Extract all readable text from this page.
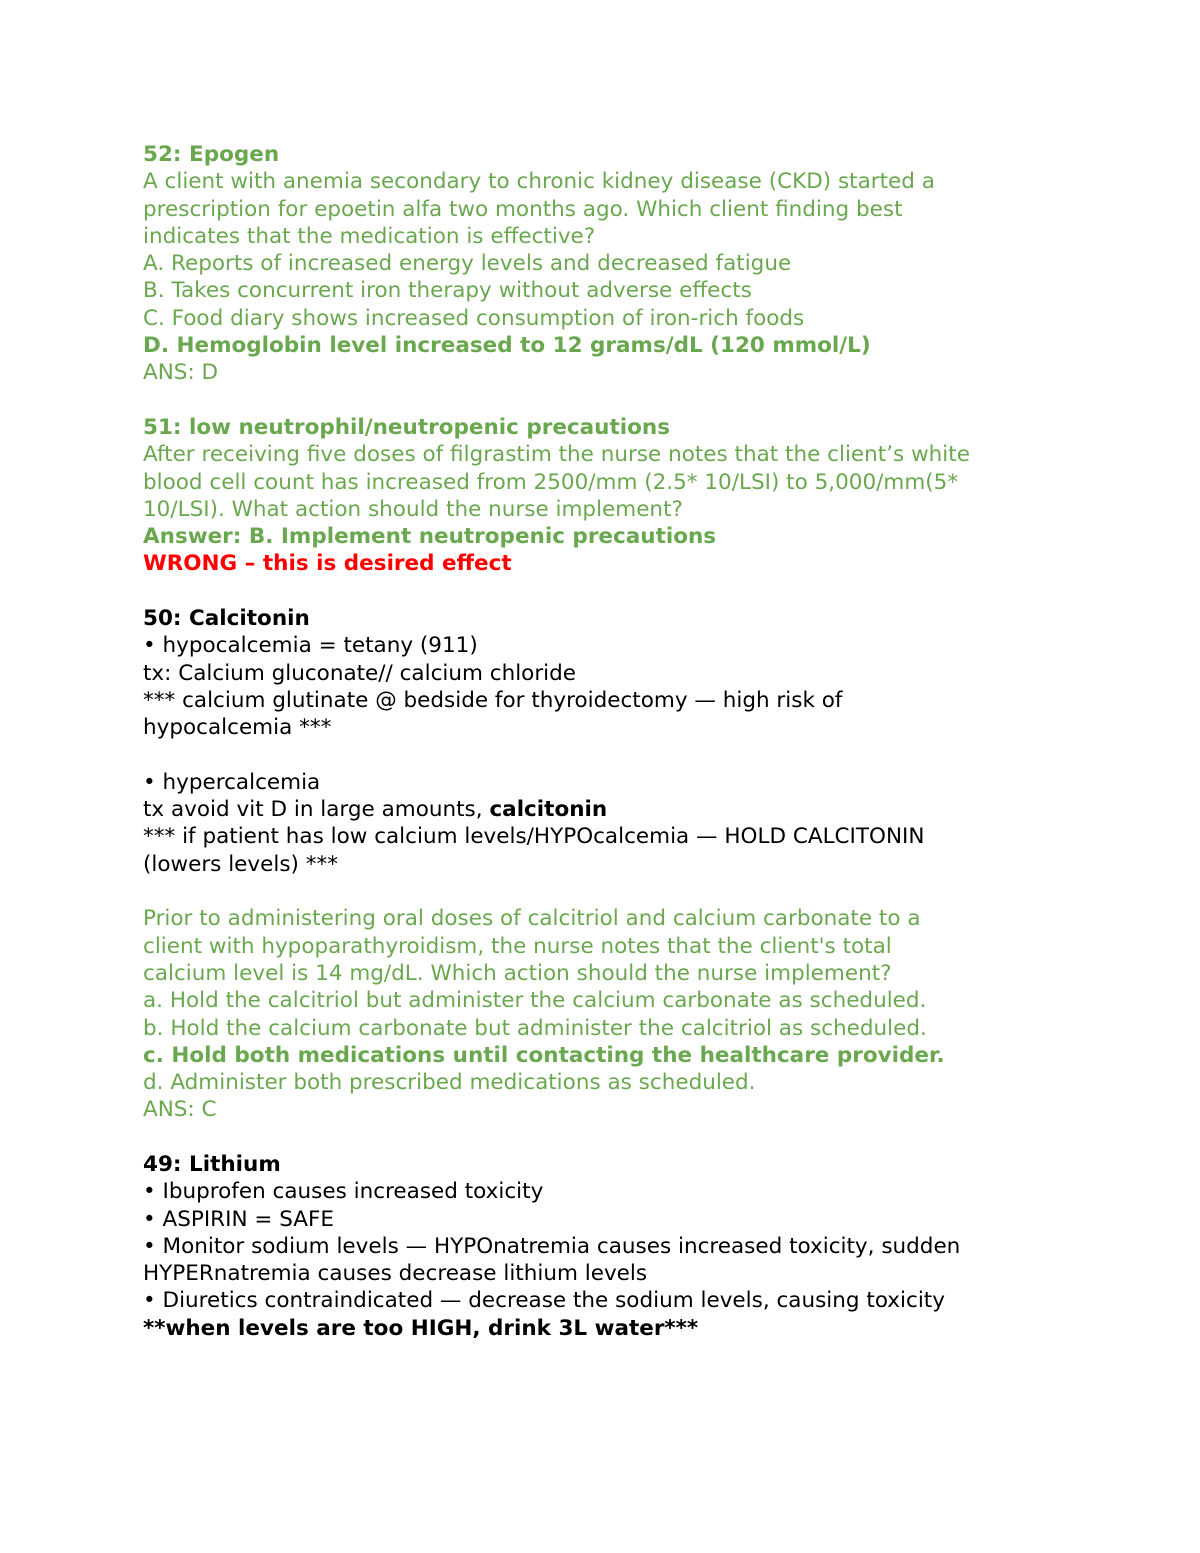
52: Epogen

A client with anemia secondary to chronic kidney disease (CKD) started a

prescription for epoetin alfa two months ago. Which client finding best

indicates that the medication is effective?

A. Reports of increased energy levels and decreased fatigue

B. Takes concurrent iron therapy without adverse effects

C. Food diary shows increased consumption of iron-rich foods

D. Hemoglobin level increased to 12 grams/dL (120 mmol/L)

ANS: D

51: low neutrophil/neutropenic precautions

After receiving five doses of filgrastim the nurse notes that the client’s white

blood cell count has increased from 2500/mm (2.5* 10/LSI) to 5,000/mm(5*

10/LSI). What action should the nurse implement?

Answer: B. Implement neutropenic precautions

WRONG – this is desired effect

50: Calcitonin

• hypocalcemia = tetany (911)

tx: Calcium gluconate// calcium chloride

*** calcium glutinate @ bedside for thyroidectomy — high risk of

hypocalcemia ***

• hypercalcemia

tx avoid vit D in large amounts, calcitonin

*** if patient has low calcium levels/HYPOcalcemia — HOLD CALCITONIN

(lowers levels) ***

Prior to administering oral doses of calcitriol and calcium carbonate to a

client with hypoparathyroidism, the nurse notes that the client's total

calcium level is 14 mg/dL. Which action should the nurse implement?

a. Hold the calcitriol but administer the calcium carbonate as scheduled.

b. Hold the calcium carbonate but administer the calcitriol as scheduled.

c. Hold both medications until contacting the healthcare provider.

d. Administer both prescribed medications as scheduled.

ANS: C

49: Lithium

• Ibuprofen causes increased toxicity

• ASPIRIN = SAFE

• Monitor sodium levels — HYPOnatremia causes increased toxicity, sudden

HYPERnatremia causes decrease lithium levels

• Diuretics contraindicated — decrease the sodium levels, causing toxicity

**when levels are too HIGH, drink 3L water***
